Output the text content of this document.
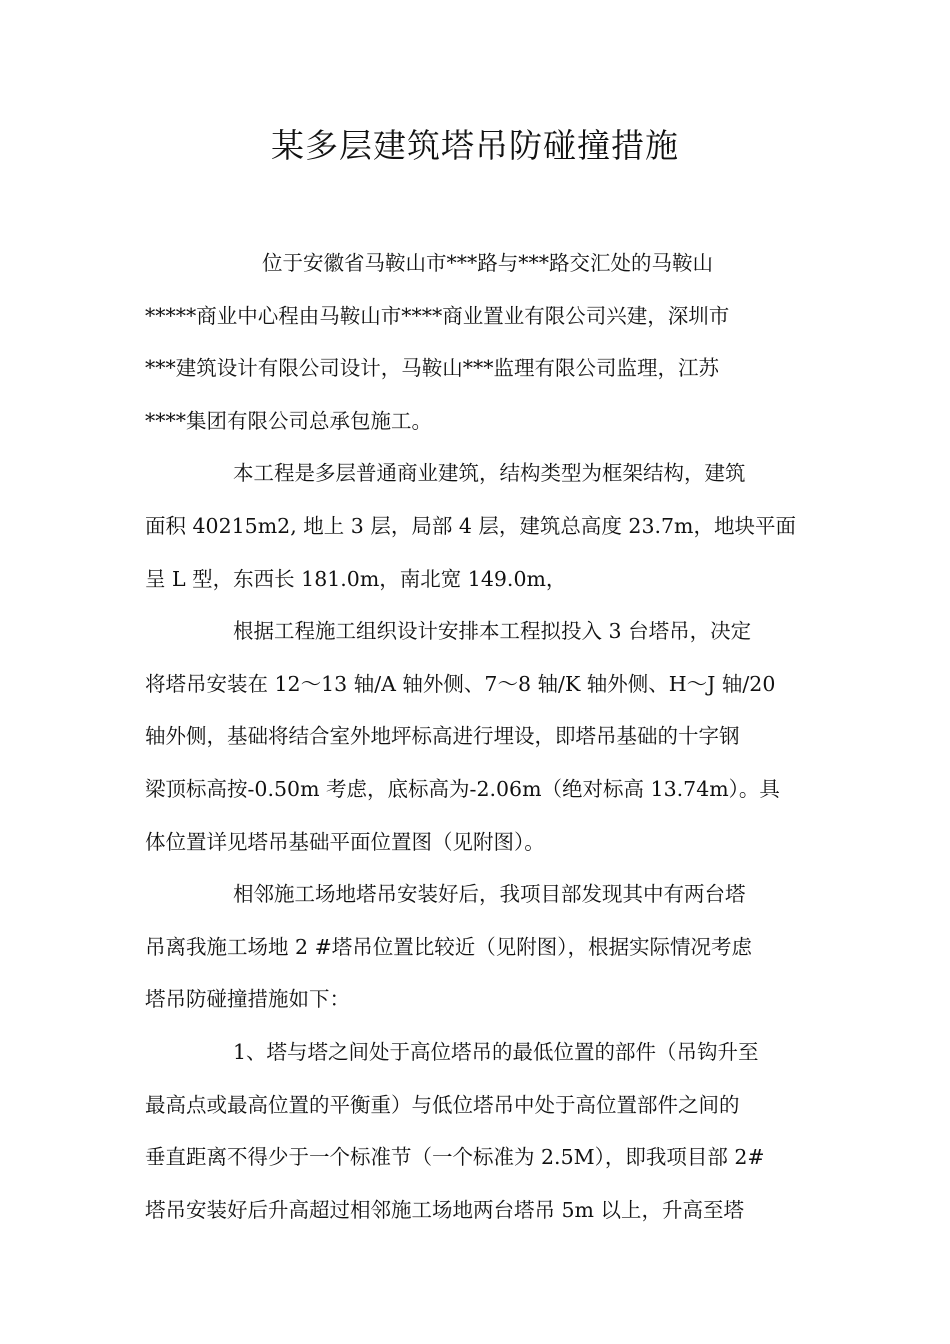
某多层建筑塔吊防碰撞措施
位于安徽省马鞍山市***路与***路交汇处的马鞍山
*****商业中心程由马鞍山市****商业置业有限公司兴建，深圳市
***建筑设计有限公司设计，马鞍山***监理有限公司监理，江苏
****集团有限公司总承包施工。
本工程是多层普通商业建筑，结构类型为框架结构，建筑
面积 40215m2, 地上 3 层，局部 4 层，建筑总高度 23.7m，地块平面
呈 L 型，东西长 181.0m，南北宽 149.0m，
根据工程施工组织设计安排本工程拟投入 3 台塔吊，决定
将塔吊安装在 12～13 轴/A 轴外侧、7～8 轴/K 轴外侧、H～J 轴/20
轴外侧，基础将结合室外地坪标高进行埋设，即塔吊基础的十字钢
梁顶标高按-0.50m 考虑，底标高为-2.06m（绝对标高 13.74m）。具
体位置详见塔吊基础平面位置图（见附图）。
相邻施工场地塔吊安装好后，我项目部发现其中有两台塔
吊离我施工场地 2 #塔吊位置比较近（见附图），根据实际情况考虑
塔吊防碰撞措施如下：
1、塔与塔之间处于高位塔吊的最低位置的部件（吊钩升至
最高点或最高位置的平衡重）与低位塔吊中处于高位置部件之间的
垂直距离不得少于一个标准节（一个标准为 2.5M），即我项目部 2#
塔吊安装好后升高超过相邻施工场地两台塔吊 5m 以上，升高至塔
